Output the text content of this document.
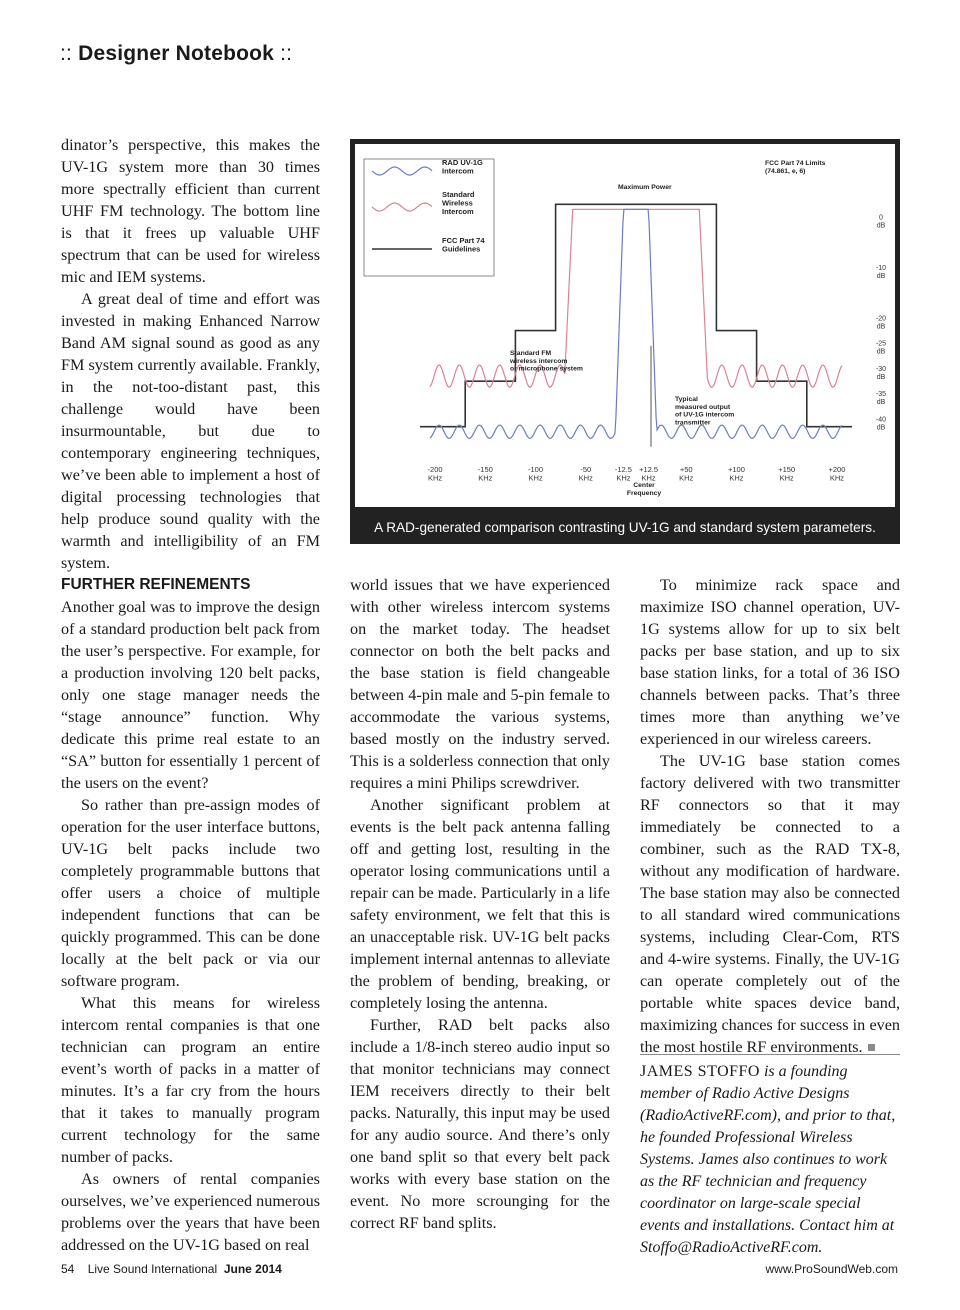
:: Designer Notebook ::

dinator’s perspective, this makes the UV-1G system more than 30 times more spectrally efficient than current UHF FM technology. The bottom line is that it frees up valuable UHF spectrum that can be used for wireless mic and IEM systems.

A great deal of time and effort was invested in making Enhanced Narrow Band AM signal sound as good as any FM system currently available. Frankly, in the not-too-distant past, this challenge would have been insurmountable, but due to contemporary engineering techniques, we’ve been able to implement a host of digital processing technologies that help produce sound quality with the warmth and intelligibility of an FM system.

-200 KHz
-150 KHz
-100 KHz
-50 KHz
-12.5 KHz
+12.5 KHz
+50 KHz
+100 KHz
+150 KHz
+200 KHz
0 dB
-10 dB
-20 dB
-25 dB
-30 dB
-35 dB
-40 dB
RAD UV-1G Intercom
Standard Wireless Intercom
FCC Part 74 Guidelines
FCC Part 74 Limits (74.861, e, 6)
Maximum Power
Standard FM wireless intercom or microphone system
Typical measured output of UV-1G intercom transmitter
Center Frequency
A RAD-generated comparison contrasting UV-1G and standard system parameters.
FURTHER REFINEMENTS

Another goal was to improve the design of a standard production belt pack from the user’s perspective. For example, for a production involving 120 belt packs, only one stage manager needs the “stage announce” function. Why dedicate this prime real estate to an “SA” button for essentially 1 percent of the users on the event?

So rather than pre-assign modes of operation for the user interface buttons, UV-1G belt packs include two completely programmable buttons that offer users a choice of multiple independent functions that can be quickly programmed. This can be done locally at the belt pack or via our software program.

What this means for wireless intercom rental companies is that one technician can program an entire event’s worth of packs in a matter of minutes. It’s a far cry from the hours that it takes to manually program current technology for the same number of packs.

As owners of rental companies ourselves, we’ve experienced numerous problems over the years that have been addressed on the UV-1G based on real

world issues that we have experienced with other wireless intercom systems on the market today. The headset connector on both the belt packs and the base station is field changeable between 4-pin male and 5-pin female to accommodate the various systems, based mostly on the industry served. This is a solderless connection that only requires a mini Philips screwdriver.

Another significant problem at events is the belt pack antenna falling off and getting lost, resulting in the operator losing communications until a repair can be made. Particularly in a life safety environment, we felt that this is an unacceptable risk. UV-1G belt packs implement internal antennas to alleviate the problem of bending, breaking, or completely losing the antenna.

Further, RAD belt packs also include a 1/8-inch stereo audio input so that monitor technicians may connect IEM receivers directly to their belt packs. Naturally, this input may be used for any audio source. And there’s only one band split so that every belt pack works with every base station on the event. No more scrounging for the correct RF band splits.

To minimize rack space and maximize ISO channel operation, UV-1G systems allow for up to six belt packs per base station, and up to six base station links, for a total of 36 ISO channels between packs. That’s three times more than anything we’ve experienced in our wireless careers.

The UV-1G base station comes factory delivered with two transmitter RF connectors so that it may immediately be connected to a combiner, such as the RAD TX-8, without any modification of hardware. The base station may also be connected to all standard wired communications systems, including Clear-Com, RTS and 4-wire systems. Finally, the UV-1G can operate completely out of the portable white spaces device band, maximizing chances for success in even the most hostile RF environments.

JAMES STOFFO is a founding member of Radio Active Designs (RadioActiveRF.com), and prior to that, he founded Professional Wireless Systems. James also continues to work as the RF technician and frequency coordinator on large-scale special events and installations. Contact him at Stoffo@RadioActiveRF.com.
54 Live Sound International June 2014	www.ProSoundWeb.com
